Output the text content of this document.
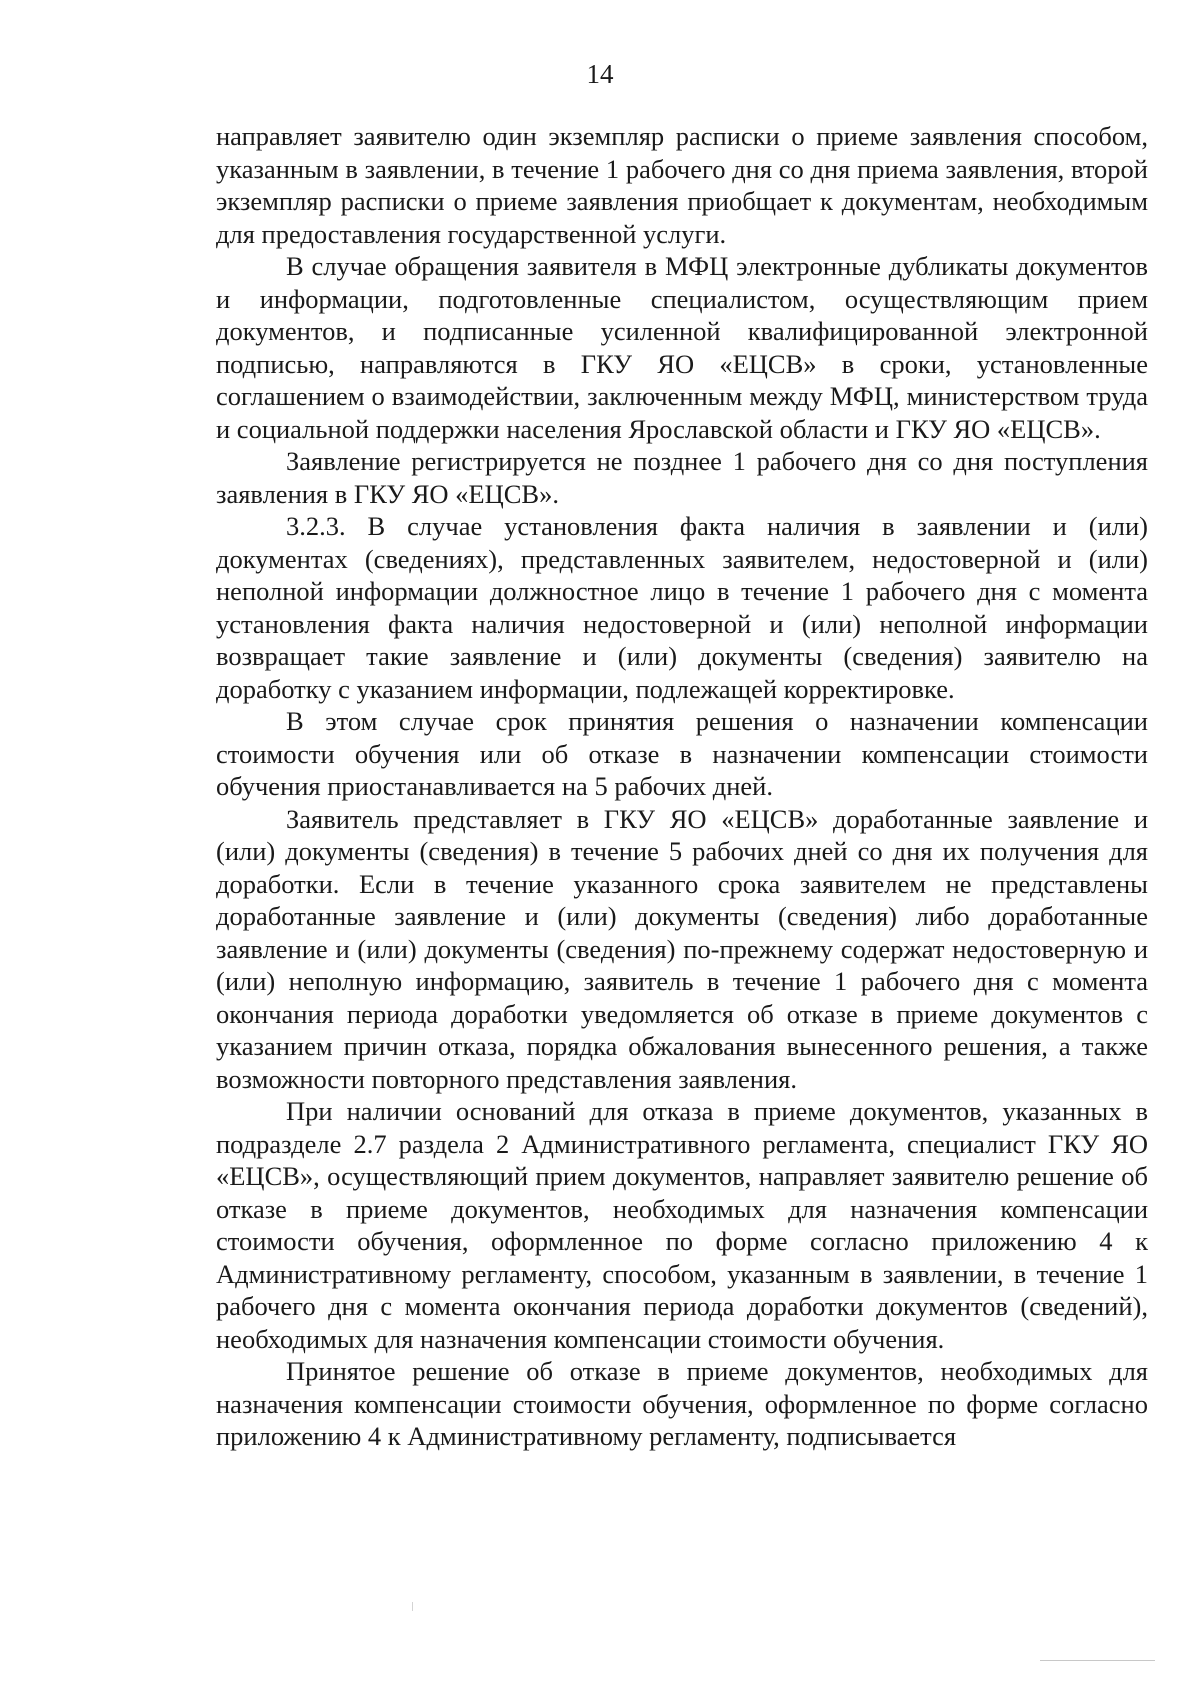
14

направляет заявителю один экземпляр расписки о приеме заявления способом, указанным в заявлении, в течение 1 рабочего дня со дня приема заявления, второй экземпляр расписки о приеме заявления приобщает к документам, необходимым для предоставления государственной услуги.

В случае обращения заявителя в МФЦ электронные дубликаты документов и информации, подготовленные специалистом, осуществляющим прием документов, и подписанные усиленной квалифицированной электронной подписью, направляются в ГКУ ЯО «ЕЦСВ» в сроки, установленные соглашением о взаимодействии, заключенным между МФЦ, министерством труда и социальной поддержки населения Ярославской области и ГКУ ЯО «ЕЦСВ».

Заявление регистрируется не позднее 1 рабочего дня со дня поступления заявления в ГКУ ЯО «ЕЦСВ».

3.2.3. В случае установления факта наличия в заявлении и (или) документах (сведениях), представленных заявителем, недостоверной и (или) неполной информации должностное лицо в течение 1 рабочего дня с момента установления факта наличия недостоверной и (или) неполной информации возвращает такие заявление и (или) документы (сведения) заявителю на доработку с указанием информации, подлежащей корректировке.

В этом случае срок принятия решения о назначении компенсации стоимости обучения или об отказе в назначении компенсации стоимости обучения приостанавливается на 5 рабочих дней.

Заявитель представляет в ГКУ ЯО «ЕЦСВ» доработанные заявление и (или) документы (сведения) в течение 5 рабочих дней со дня их получения для доработки. Если в течение указанного срока заявителем не представлены доработанные заявление и (или) документы (сведения) либо доработанные заявление и (или) документы (сведения) по-прежнему содержат недостоверную и (или) неполную информацию, заявитель в течение 1 рабочего дня с момента окончания периода доработки уведомляется об отказе в приеме документов с указанием причин отказа, порядка обжалования вынесенного решения, а также возможности повторного представления заявления.

При наличии оснований для отказа в приеме документов, указанных в подразделе 2.7 раздела 2 Административного регламента, специалист ГКУ ЯО «ЕЦСВ», осуществляющий прием документов, направляет заявителю решение об отказе в приеме документов, необходимых для назначения компенсации стоимости обучения, оформленное по форме согласно приложению 4 к Административному регламенту, способом, указанным в заявлении, в течение 1 рабочего дня с момента окончания периода доработки документов (сведений), необходимых для назначения компенсации стоимости обучения.

Принятое решение об отказе в приеме документов, необходимых для назначения компенсации стоимости обучения, оформленное по форме согласно приложению 4 к Административному регламенту, подписывается
